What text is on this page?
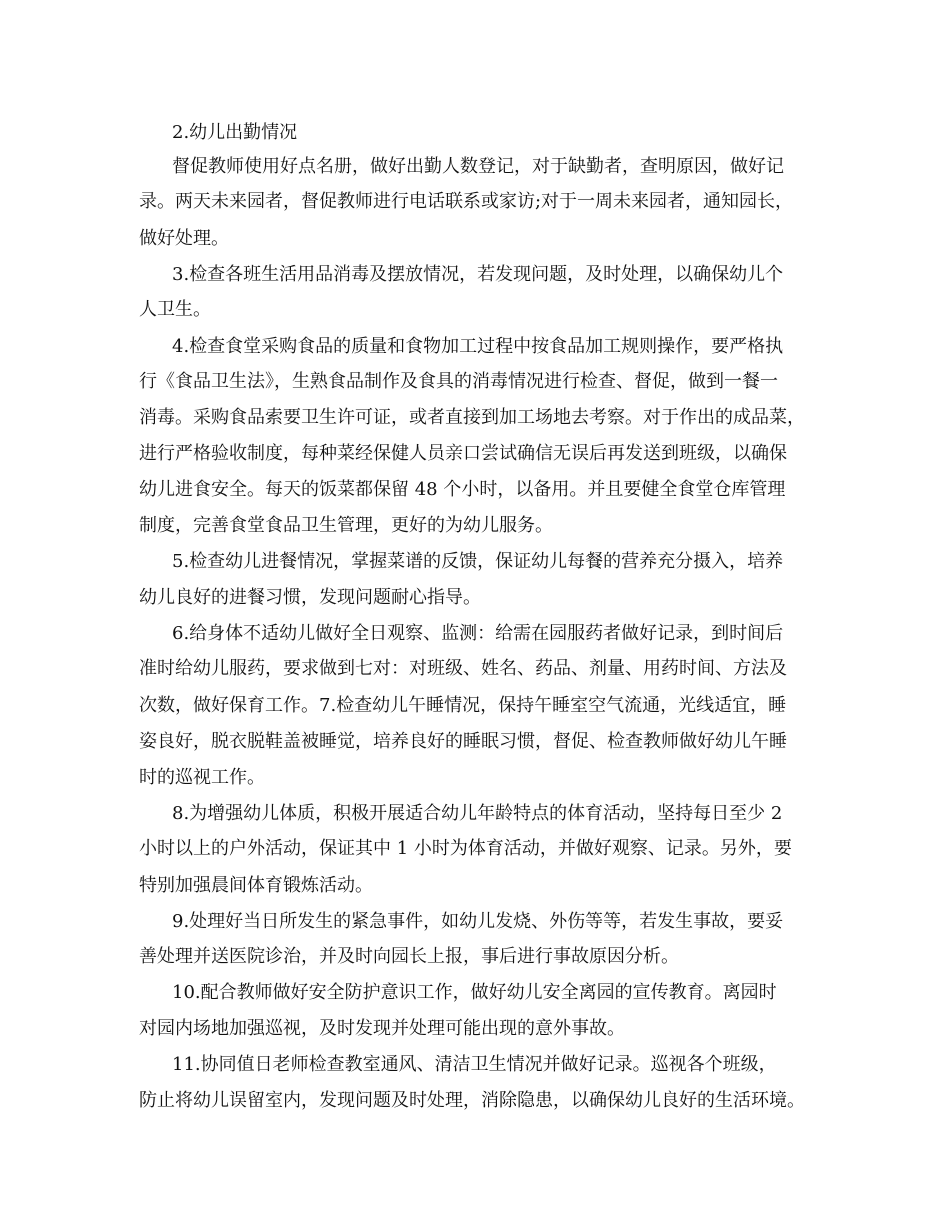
2.幼儿出勤情况
督促教师使用好点名册，做好出勤人数登记，对于缺勤者，查明原因，做好记
录。两天未来园者，督促教师进行电话联系或家访;对于一周未来园者，通知园长，
做好处理。
3.检查各班生活用品消毒及摆放情况，若发现问题，及时处理，以确保幼儿个
人卫生。
4.检查食堂采购食品的质量和食物加工过程中按食品加工规则操作，要严格执
行《食品卫生法》，生熟食品制作及食具的消毒情况进行检查、督促，做到一餐一
消毒。采购食品索要卫生许可证，或者直接到加工场地去考察。对于作出的成品菜，
进行严格验收制度，每种菜经保健人员亲口尝试确信无误后再发送到班级，以确保
幼儿进食安全。每天的饭菜都保留 48 个小时，以备用。并且要健全食堂仓库管理
制度，完善食堂食品卫生管理，更好的为幼儿服务。
5.检查幼儿进餐情况，掌握菜谱的反馈，保证幼儿每餐的营养充分摄入，培养
幼儿良好的进餐习惯，发现问题耐心指导。
6.给身体不适幼儿做好全日观察、监测：给需在园服药者做好记录，到时间后
准时给幼儿服药，要求做到七对：对班级、姓名、药品、剂量、用药时间、方法及
次数，做好保育工作。7.检查幼儿午睡情况，保持午睡室空气流通，光线适宜，睡
姿良好，脱衣脱鞋盖被睡觉，培养良好的睡眠习惯，督促、检查教师做好幼儿午睡
时的巡视工作。
8.为增强幼儿体质，积极开展适合幼儿年龄特点的体育活动，坚持每日至少 2
小时以上的户外活动，保证其中 1 小时为体育活动，并做好观察、记录。另外，要
特别加强晨间体育锻炼活动。
9.处理好当日所发生的紧急事件，如幼儿发烧、外伤等等，若发生事故，要妥
善处理并送医院诊治，并及时向园长上报，事后进行事故原因分析。
10.配合教师做好安全防护意识工作，做好幼儿安全离园的宣传教育。离园时
对园内场地加强巡视，及时发现并处理可能出现的意外事故。
11.协同值日老师检查教室通风、清洁卫生情况并做好记录。巡视各个班级，
防止将幼儿误留室内，发现问题及时处理，消除隐患，以确保幼儿良好的生活环境。
